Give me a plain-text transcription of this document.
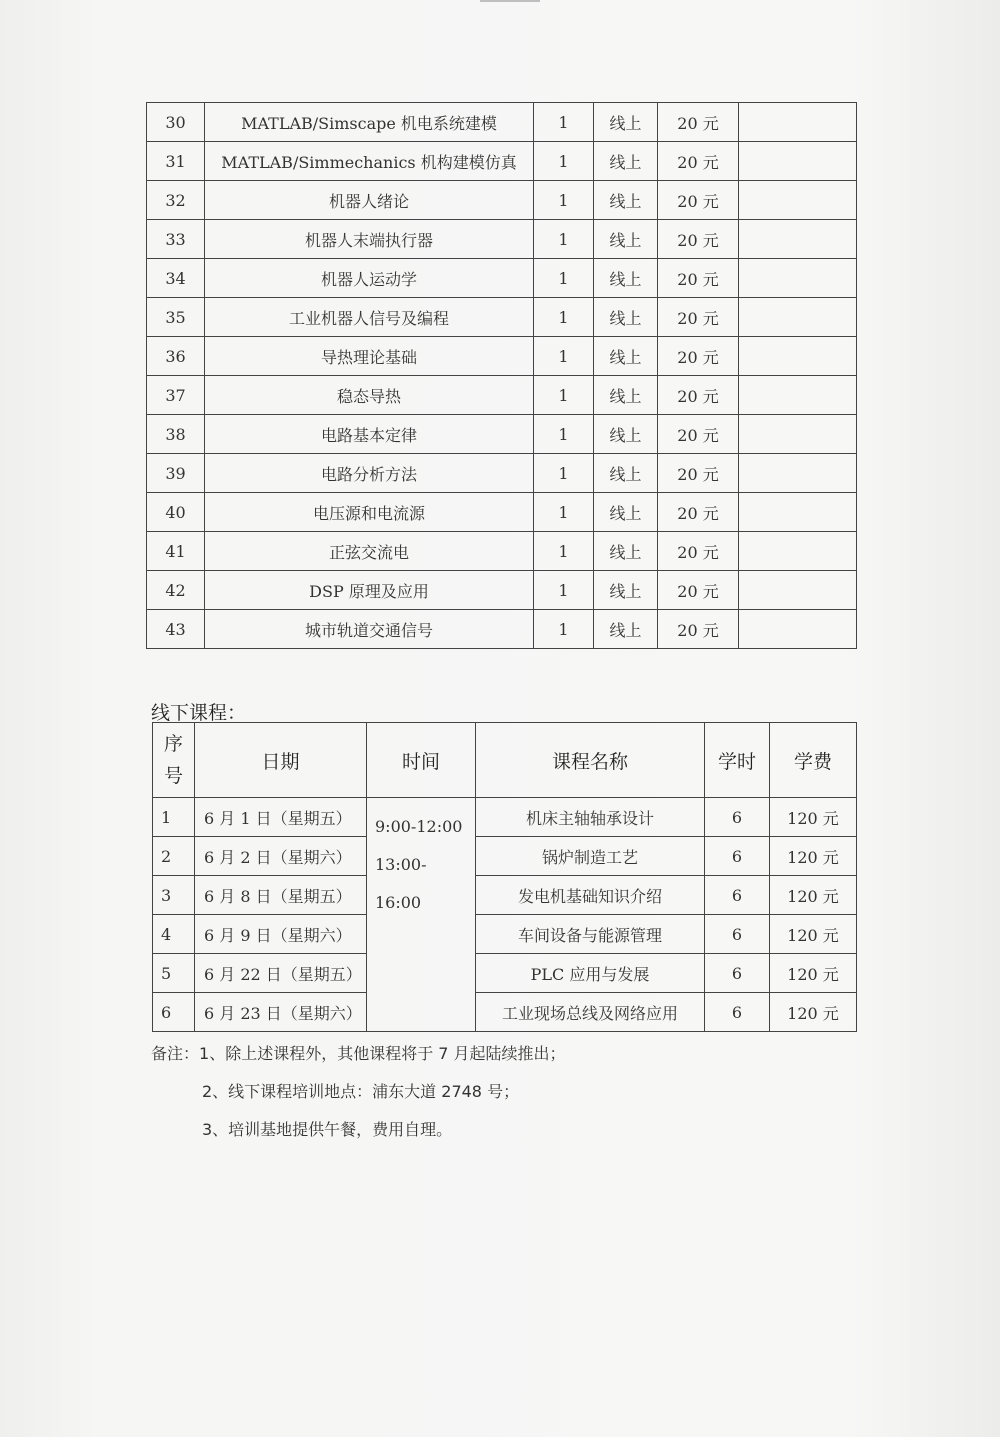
30	MATLAB/Simscape 机电系统建模	1	线上	20 元	
31	MATLAB/Simmechanics 机构建模仿真	1	线上	20 元	
32	机器人绪论	1	线上	20 元	
33	机器人末端执行器	1	线上	20 元	
34	机器人运动学	1	线上	20 元	
35	工业机器人信号及编程	1	线上	20 元	
36	导热理论基础	1	线上	20 元	
37	稳态导热	1	线上	20 元	
38	电路基本定律	1	线上	20 元	
39	电路分析方法	1	线上	20 元	
40	电压源和电流源	1	线上	20 元	
41	正弦交流电	1	线上	20 元	
42	DSP 原理及应用	1	线上	20 元	
43	城市轨道交通信号	1	线上	20 元	
线下课程：
序
号	日期	时间	课程名称	学时	学费
1	6 月 1 日（星期五）	9:00-12:00
13:00-
16:00	机床主轴轴承设计	6	120 元
2	6 月 2 日（星期六）		锅炉制造工艺	6	120 元
3	6 月 8 日（星期五）		发电机基础知识介绍	6	120 元
4	6 月 9 日（星期六）		车间设备与能源管理	6	120 元
5	6 月 22 日（星期五）		PLC 应用与发展	6	120 元
6	6 月 23 日（星期六）		工业现场总线及网络应用	6	120 元
备注：1、除上述课程外，其他课程将于 7 月起陆续推出；
2、线下课程培训地点：浦东大道 2748 号；
3、培训基地提供午餐，费用自理。
